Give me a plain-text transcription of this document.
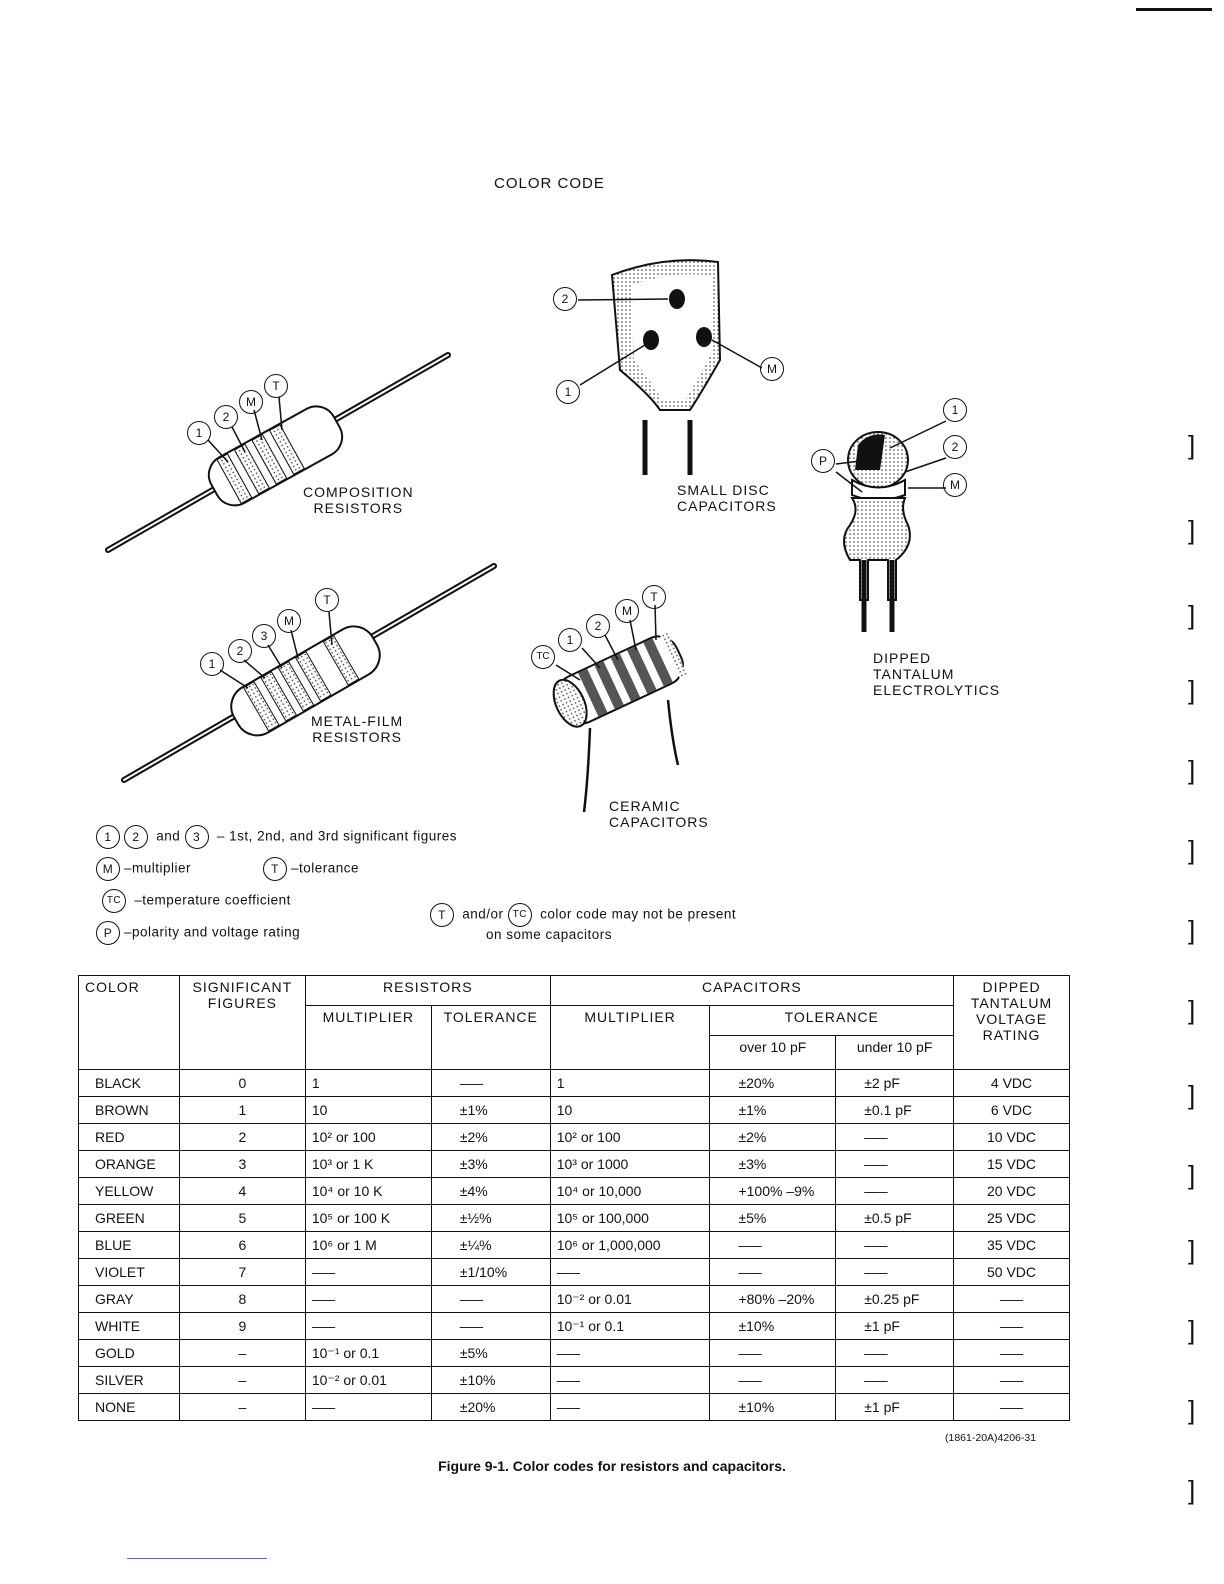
COLOR CODE
1
2
M
T
1
2
3
M
T
2
1
M
1
2
M
P
TC
1
2
M
T
COMPOSITION
RESISTORS
METAL-FILM
RESISTORS
SMALL DISC
CAPACITORS
CERAMIC
CAPACITORS
DIPPED
TANTALUM
ELECTROLYTICS
1 2 and 3 – 1st, 2nd, and 3rd significant figures
M –multiplier	T –tolerance
TC –temperature coefficient
P –polarity and voltage rating
T and/or TC color code may not be present
on some capacitors
COLOR	SIGNIFICANT FIGURES	RESISTORS		CAPACITORS			DIPPED TANTALUM VOLTAGE RATING
		MULTIPLIER	TOLERANCE	MULTIPLIER	TOLERANCE		
					over 10 pF	under 10 pF	
BLACK	0	1	–––	1	±20%	±2 pF	4 VDC
BROWN	1	10	±1%	10	±1%	±0.1 pF	6 VDC
RED	2	10² or 100	±2%	10² or 100	±2%	–––	10 VDC
ORANGE	3	10³ or 1 K	±3%	10³ or 1000	±3%	–––	15 VDC
YELLOW	4	10⁴ or 10 K	±4%	10⁴ or 10,000	+100% –9%	–––	20 VDC
GREEN	5	10⁵ or 100 K	±½%	10⁵ or 100,000	±5%	±0.5 pF	25 VDC
BLUE	6	10⁶ or 1 M	±¼%	10⁶ or 1,000,000	–––	–––	35 VDC
VIOLET	7	–––	±1/10%	–––	–––	–––	50 VDC
GRAY	8	–––	–––	10⁻² or 0.01	+80% –20%	±0.25 pF	–––
WHITE	9	–––	–––	10⁻¹ or 0.1	±10%	±1 pF	–––
GOLD	–	10⁻¹ or 0.1	±5%	–––	–––	–––	–––
SILVER	–	10⁻² or 0.01	±10%	–––	–––	–––	–––
NONE	–	–––	±20%	–––	±10%	±1 pF	–––
(1861-20A)4206-31
Figure 9-1. Color codes for resistors and capacitors.
]
]
]
]
]
]
]
]
]
]
]
]
]
]
